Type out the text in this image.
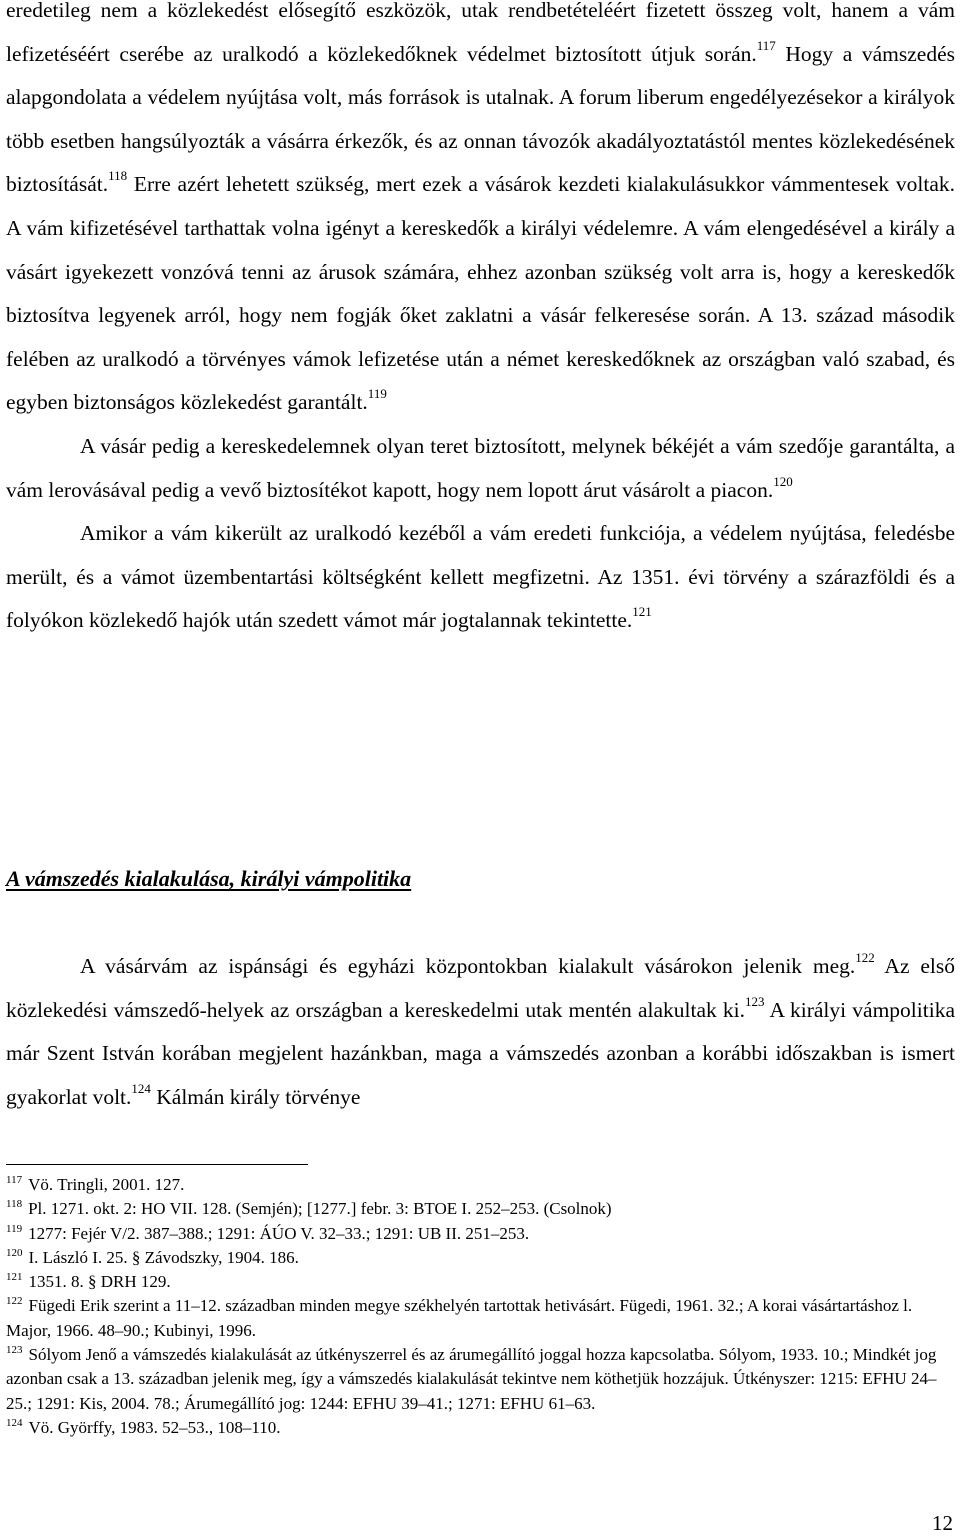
eredetileg nem a közlekedést elősegítő eszközök, utak rendbetételéért fizetett összeg volt, hanem a vám lefizetéséért cserébe az uralkodó a közlekedőknek védelmet biztosított útjuk során.$^{117}$ Hogy a vámszedés alapgondolata a védelem nyújtása volt, más források is utalnak. A forum liberum engedélyezésekor a királyok több esetben hangsúlyozták a vásárra érkezők, és az onnan távozók akadályoztatástól mentes közlekedésének biztosítását.$^{118}$ Erre azért lehetett szükség, mert ezek a vásárok kezdeti kialakulásukkor vámmentesek voltak. A vám kifizetésével tarthattak volna igényt a kereskedők a királyi védelemre. A vám elengedésével a király a vásárt igyekezett vonzóvá tenni az árusok számára, ehhez azonban szükség volt arra is, hogy a kereskedők biztosítva legyenek arról, hogy nem fogják őket zaklatni a vásár felkeresése során. A 13. század második felében az uralkodó a törvényes vámok lefizetése után a német kereskedőknek az országban való szabad, és egyben biztonságos közlekedést garantált.$^{119}$

A vásár pedig a kereskedelemnek olyan teret biztosított, melynek békéjét a vám szedője garantálta, a vám lerovásával pedig a vevő biztosítékot kapott, hogy nem lopott árut vásárolt a piacon.$^{120}$

Amikor a vám kikerült az uralkodó kezéből a vám eredeti funkciója, a védelem nyújtása, feledésbe merült, és a vámot üzembentartási költségként kellett megfizetni. Az 1351. évi törvény a szárazföldi és a folyókon közlekedő hajók után szedett vámot már jogtalannak tekintette.$^{121}$

A vámszedés kialakulása, királyi vámpolitika

A vásárvám az ispánsági és egyházi központokban kialakult vásárokon jelenik meg.$^{122}$ Az első közlekedési vámszedő-helyek az országban a kereskedelmi utak mentén alakultak ki.$^{123}$ A királyi vámpolitika már Szent István korában megjelent hazánkban, maga a vámszedés azonban a korábbi időszakban is ismert gyakorlat volt.$^{124}$ Kálmán király törvénye

$^{117}$ Vö. Tringli, 2001. 127.

$^{118}$ Pl. 1271. okt. 2: HO VII. 128. (Semjén); [1277.] febr. 3: BTOE I. 252–253. (Csolnok)

$^{119}$ 1277: Fejér V/2. 387–388.; 1291: ÁÚO V. 32–33.; 1291: UB II. 251–253.

$^{120}$ I. László I. 25. § Závodszky, 1904. 186.

$^{121}$ 1351. 8. § DRH 129.

$^{122}$ Fügedi Erik szerint a 11–12. században minden megye székhelyén tartottak hetivásárt. Fügedi, 1961. 32.; A korai vásártartáshoz l. Major, 1966. 48–90.; Kubinyi, 1996.

$^{123}$ Sólyom Jenő a vámszedés kialakulását az útkényszerrel és az árumegállító joggal hozza kapcsolatba. Sólyom, 1933. 10.; Mindkét jog azonban csak a 13. században jelenik meg, így a vámszedés kialakulását tekintve nem köthetjük hozzájuk. Útkényszer: 1215: EFHU 24–25.; 1291: Kis, 2004. 78.; Árumegállító jog: 1244: EFHU 39–41.; 1271: EFHU 61–63.

$^{124}$ Vö. Györffy, 1983. 52–53., 108–110.

12
